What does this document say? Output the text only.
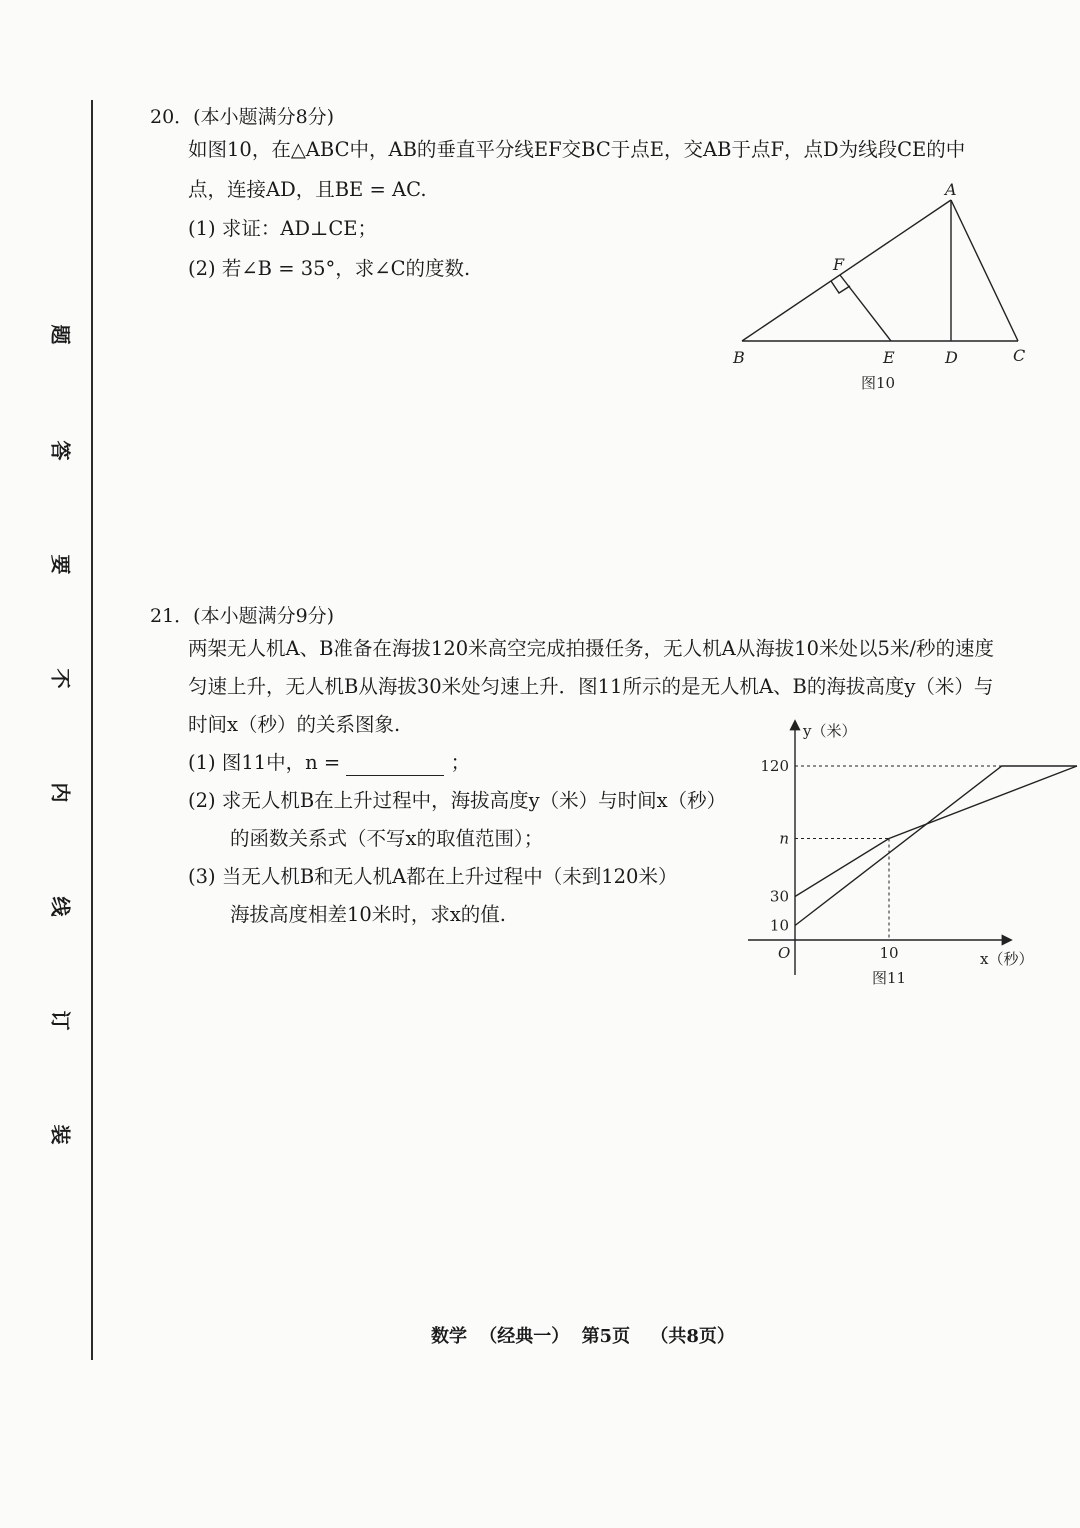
题
答
要
不
内
线
订
装
20．(本小题满分8分)
如图10，在△ABC中，AB的垂直平分线EF交BC于点E，交AB于点F，点D为线段CE的中
点，连接AD，且BE = AC.
(1) 求证：AD⊥CE；
(2) 若∠B = 35°，求∠C的度数.
A
B	C
D
E
F
图10
21．(本小题满分9分)
两架无人机A、B准备在海拔120米高空完成拍摄任务，无人机A从海拔10米处以5米/秒的速度
匀速上升，无人机B从海拔30米处匀速上升．图11所示的是无人机A、B的海拔高度y（米）与
时间x（秒）的关系图象.
(1) 图11中，n =	；
(2) 求无人机B在上升过程中，海拔高度y（米）与时间x（秒）
的函数关系式（不写x的取值范围）；
(3) 当无人机B和无人机A都在上升过程中（未到120米）
海拔高度相差10米时，求x的值.
120
n
30
10
10
y（米）
x（秒）
O
图11
数学 （经典一） 第5页 （共8页）
